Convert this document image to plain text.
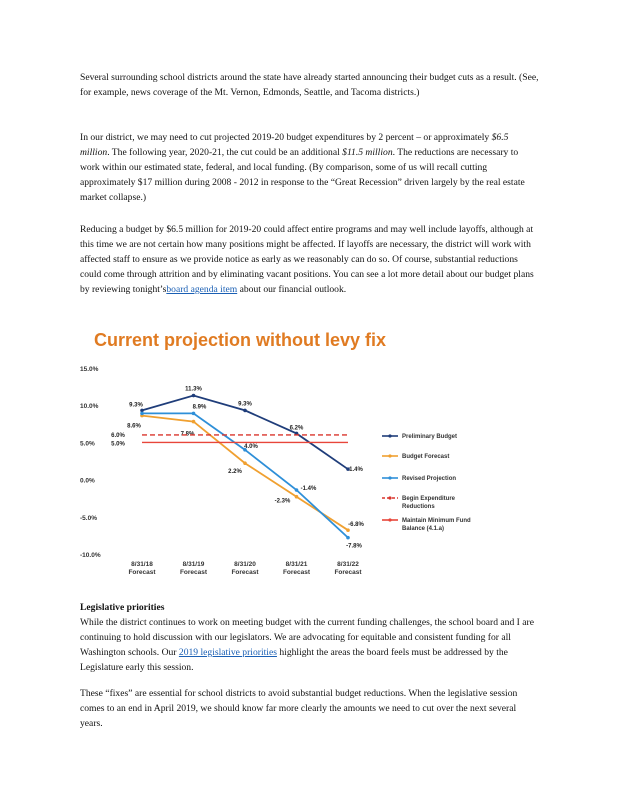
Several surrounding school districts around the state have already started announcing their budget cuts as a result. (See, for example, news coverage of the Mt. Vernon, Edmonds, Seattle, and Tacoma districts.)

In our district, we may need to cut projected 2019-20 budget expenditures by 2 percent – or approximately $6.5 million. The following year, 2020-21, the cut could be an additional $11.5 million. The reductions are necessary to work within our estimated state, federal, and local funding. (By comparison, some of us will recall cutting approximately $17 million during 2008 - 2012 in response to the “Great Recession” driven largely by the real estate market collapse.)

Reducing a budget by $6.5 million for 2019-20 could affect entire programs and may well include layoffs, although at this time we are not certain how many positions might be affected. If layoffs are necessary, the district will work with affected staff to ensure as we provide notice as early as we reasonably can do so. Of course, substantial reductions could come through attrition and by eliminating vacant positions. You can see a lot more detail about our budget plans by reviewing tonight’sboard agenda item about our financial outlook.

Current projection without levy fix
15.0%
10.0%
5.0%
0.0%
-5.0%
-10.0%
8/31/18
Forecast
8/31/19
Forecast
8/31/20
Forecast
8/31/21
Forecast
8/31/22
Forecast
9.3%
11.3%
9.3%
6.2%
1.4%
8.6%
7.8%
2.2%
-2.3%
-6.8%
8.9%
4.0%
-1.4%
-7.8%
6.0%
5.0%
Preliminary Budget
Budget Forecast
Revised Projection
Begin Expenditure
Reductions
Maintain Minimum Fund
Balance (4.1.a)

Legislative priorities
While the district continues to work on meeting budget with the current funding challenges, the school board and I are continuing to hold discussion with our legislators. We are advocating for equitable and consistent funding for all Washington schools. Our 2019 legislative priorities highlight the areas the board feels must be addressed by the Legislature early this session.

These “fixes” are essential for school districts to avoid substantial budget reductions. When the legislative session comes to an end in April 2019, we should know far more clearly the amounts we need to cut over the next several years.
